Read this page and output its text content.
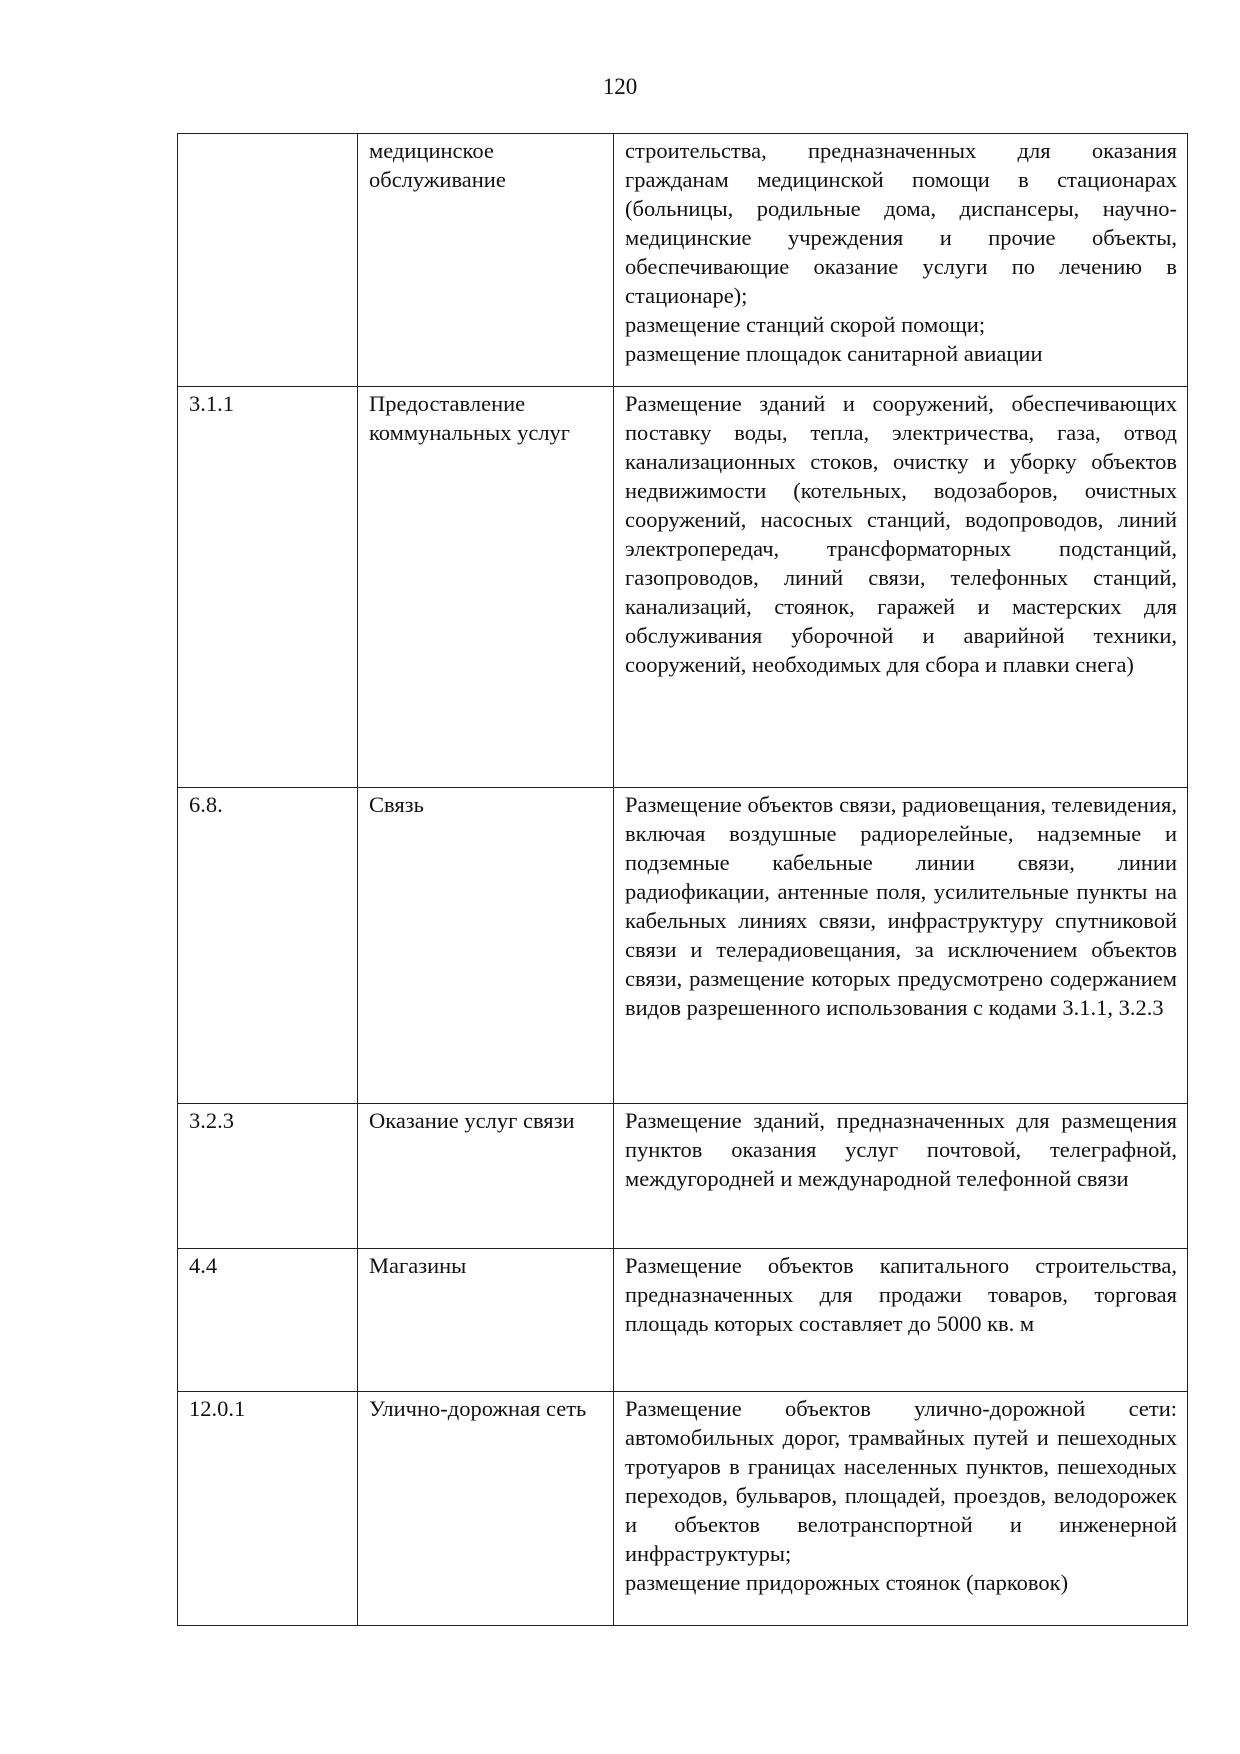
120
	медицинское обслуживание	строительства, предназначенных для оказания гражданам медицинской помощи в стационарах (больницы, родильные дома, диспансеры, научно-медицинские учреждения и прочие объекты, обеспечивающие оказание услуги по лечению в стационаре);
размещение станций скорой помощи;
размещение площадок санитарной авиации

3.1.1	Предоставление коммунальных услуг	Размещение зданий и сооружений, обеспечивающих поставку воды, тепла, электричества, газа, отвод канализационных стоков, очистку и уборку объектов недвижимости (котельных, водозаборов, очистных сооружений, насосных станций, водопроводов, линий электропередач, трансформаторных подстанций, газопроводов, линий связи, телефонных станций, канализаций, стоянок, гаражей и мастерских для обслуживания уборочной и аварийной техники, сооружений, необходимых для сбора и плавки снега)

6.8.	Связь	Размещение объектов связи, радиовещания, телевидения, включая воздушные радиорелейные, надземные и подземные кабельные линии связи, линии радиофикации, антенные поля, усилительные пункты на кабельных линиях связи, инфраструктуру спутниковой связи и телерадиовещания, за исключением объектов связи, размещение которых предусмотрено содержанием видов разрешенного использования с кодами 3.1.1, 3.2.3

3.2.3	Оказание услуг связи	Размещение зданий, предназначенных для размещения пунктов оказания услуг почтовой, телеграфной, междугородней и международной телефонной связи

4.4	Магазины	Размещение объектов капитального строительства, предназначенных для продажи товаров, торговая площадь которых составляет до 5000 кв. м

12.0.1	Улично-дорожная сеть	Размещение объектов улично-дорожной сети: автомобильных дорог, трамвайных путей и пешеходных тротуаров в границах населенных пунктов, пешеходных переходов, бульваров, площадей, проездов, велодорожек и объектов велотранспортной и инженерной инфраструктуры;
размещение придорожных стоянок (парковок)
